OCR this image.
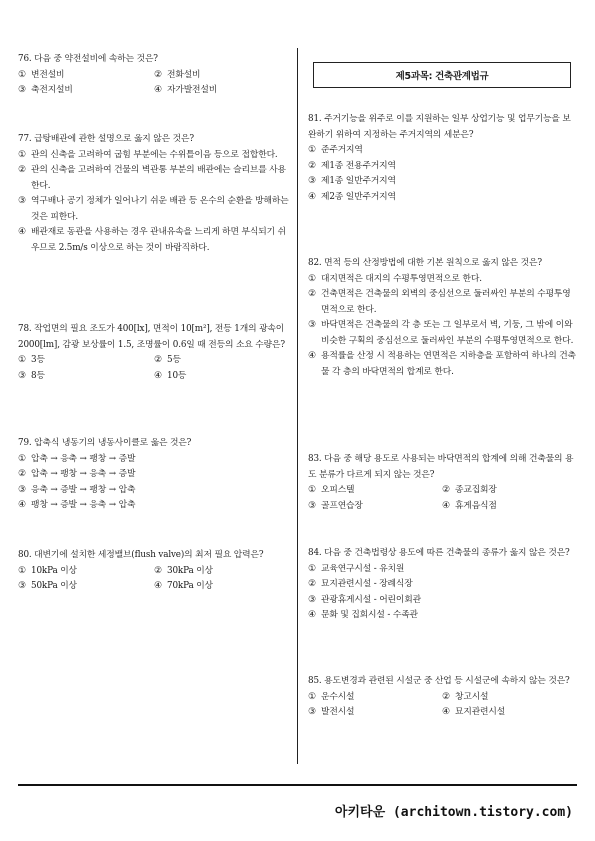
76. 다음 중 약전설비에 속하는 것은?
① 변전설비	② 전화설비
③ 축전지설비	④ 자가발전설비
77. 급탕배관에 관한 설명으로 옳지 않은 것은?
① 관의 신축을 고려하여 굽힘 부분에는 수위틀이음 등으로 접합한다.
② 관의 신축을 고려하여 건물의 벽관통 부분의 배관에는 슬리브를 사용한다.
③ 역구배나 공기 정체가 일어나기 쉬운 배관 등 온수의 순환을 방해하는 것은 피한다.
④ 배관재로 동관을 사용하는 경우 관내유속을 느리게 하면 부식되기 쉬우므로 2.5m/s 이상으로 하는 것이 바람직하다.
78. 작업면의 필요 조도가 400[lx], 면적이 10[m²], 전등 1개의 광속이 2000[lm], 감광 보상률이 1.5, 조명률이 0.6일 때 전등의 소요 수량은?
① 3등	② 5등
③ 8등	④ 10등
79. 압축식 냉동기의 냉동사이클로 옳은 것은?
① 압축 → 응축 → 팽창 → 증발
② 압축 → 팽창 → 응축 → 증발
③ 응축 → 증발 → 팽창 → 압축
④ 팽창 → 증발 → 응축 → 압축
80. 대변기에 설치한 세정밸브(flush valve)의 최저 필요 압력은?
① 10kPa 이상	② 30kPa 이상
③ 50kPa 이상	④ 70kPa 이상
제5과목: 건축관계법규
81. 주거기능을 위주로 이를 지원하는 일부 상업기능 및 업무기능을 보완하기 위하여 지정하는 주거지역의 세분은?
① 준주거지역
② 제1종 전용주거지역
③ 제1종 일반주거지역
④ 제2종 일반주거지역
82. 면적 등의 산정방법에 대한 기본 원칙으로 옳지 않은 것은?
① 대지면적은 대지의 수평투영면적으로 한다.
② 건축면적은 건축물의 외벽의 중심선으로 둘러싸인 부분의 수평투영면적으로 한다.
③ 바닥면적은 건축물의 각 층 또는 그 일부로서 벽, 기둥, 그 밖에 이와 비슷한 구획의 중심선으로 둘러싸인 부분의 수평투영면적으로 한다.
④ 용적률을 산정 시 적용하는 연면적은 지하층을 포함하여 하나의 건축물 각 층의 바닥면적의 합계로 한다.
83. 다음 중 해당 용도로 사용되는 바닥면적의 합계에 의해 건축물의 용도 분류가 다르게 되지 않는 것은?
① 오피스텔	② 종교집회장
③ 골프연습장	④ 휴게음식점
84. 다음 중 건축법령상 용도에 따른 건축물의 종류가 옳지 않은 것은?
① 교육연구시설 - 유치원
② 묘지관련시설 - 장례식장
③ 관광휴게시설 - 어린이회관
④ 문화 및 집회시설 - 수족관
85. 용도변경과 관련된 시설군 중 산업 등 시설군에 속하지 않는 것은?
① 운수시설	② 창고시설
③ 발전시설	④ 묘지관련시설
아키타운 (architown.tistory.com)
